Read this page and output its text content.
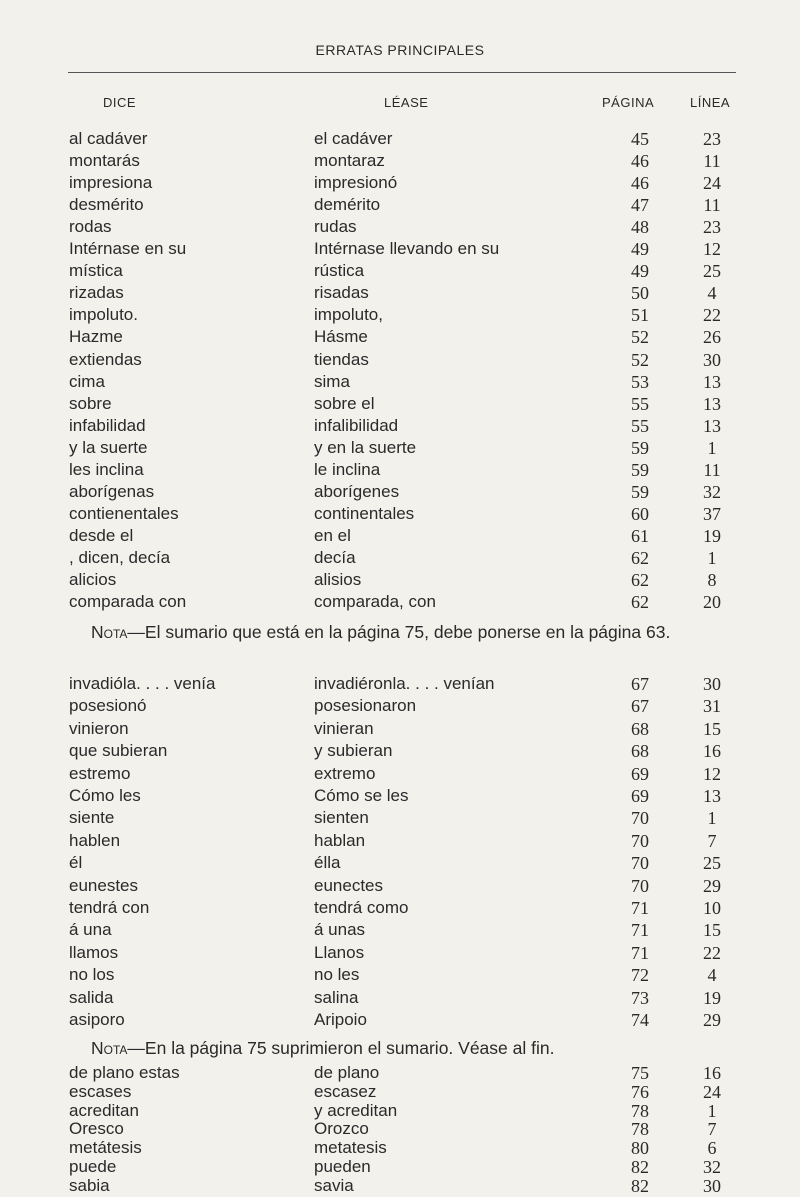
ERRATAS PRINCIPALES
DICE	LÉASE	PÁGINA	LÍNEA
al cadáver	el cadáver	45	23
montarás	montaraz	46	11
impresiona	impresionó	46	24
desmérito	demérito	47	11
rodas	rudas	48	23
Intérnase en su	Intérnase llevando en su	49	12
mística	rústica	49	25
rizadas	risadas	50	4
impoluto.	impoluto,	51	22
Hazme	Hásme	52	26
extiendas	tiendas	52	30
cima	sima	53	13
sobre	sobre el	55	13
infabilidad	infalibilidad	55	13
y la suerte	y en la suerte	59	1
les inclina	le inclina	59	11
aborígenas	aborígenes	59	32
contienentales	continentales	60	37
desde el	en el	61	19
, dicen, decía	decía	62	1
alicios	alisios	62	8
comparada con	comparada, con	62	20
Nota—El sumario que está en la página 75, debe ponerse en la página 63.
invadióla. . . . venía	invadiéronla. . . . venían	67	30
posesionó	posesionaron	67	31
vinieron	vinieran	68	15
que subieran	y subieran	68	16
estremo	extremo	69	12
Cómo les	Cómo se les	69	13
siente	sienten	70	1
hablen	hablan	70	7
él	élla	70	25
eunestes	eunectes	70	29
tendrá con	tendrá como	71	10
á una	á unas	71	15
llamos	Llanos	71	22
no los	no les	72	4
salida	salina	73	19
asiporo	Aripoio	74	29
Nota—En la página 75 suprimieron el sumario. Véase al fin.
de plano estas	de plano	75	16
escases	escasez	76	24
acreditan	y acreditan	78	1
Oresco	Orozco	78	7
metátesis	metatesis	80	6
puede	pueden	82	32
sabia	savia	82	30
